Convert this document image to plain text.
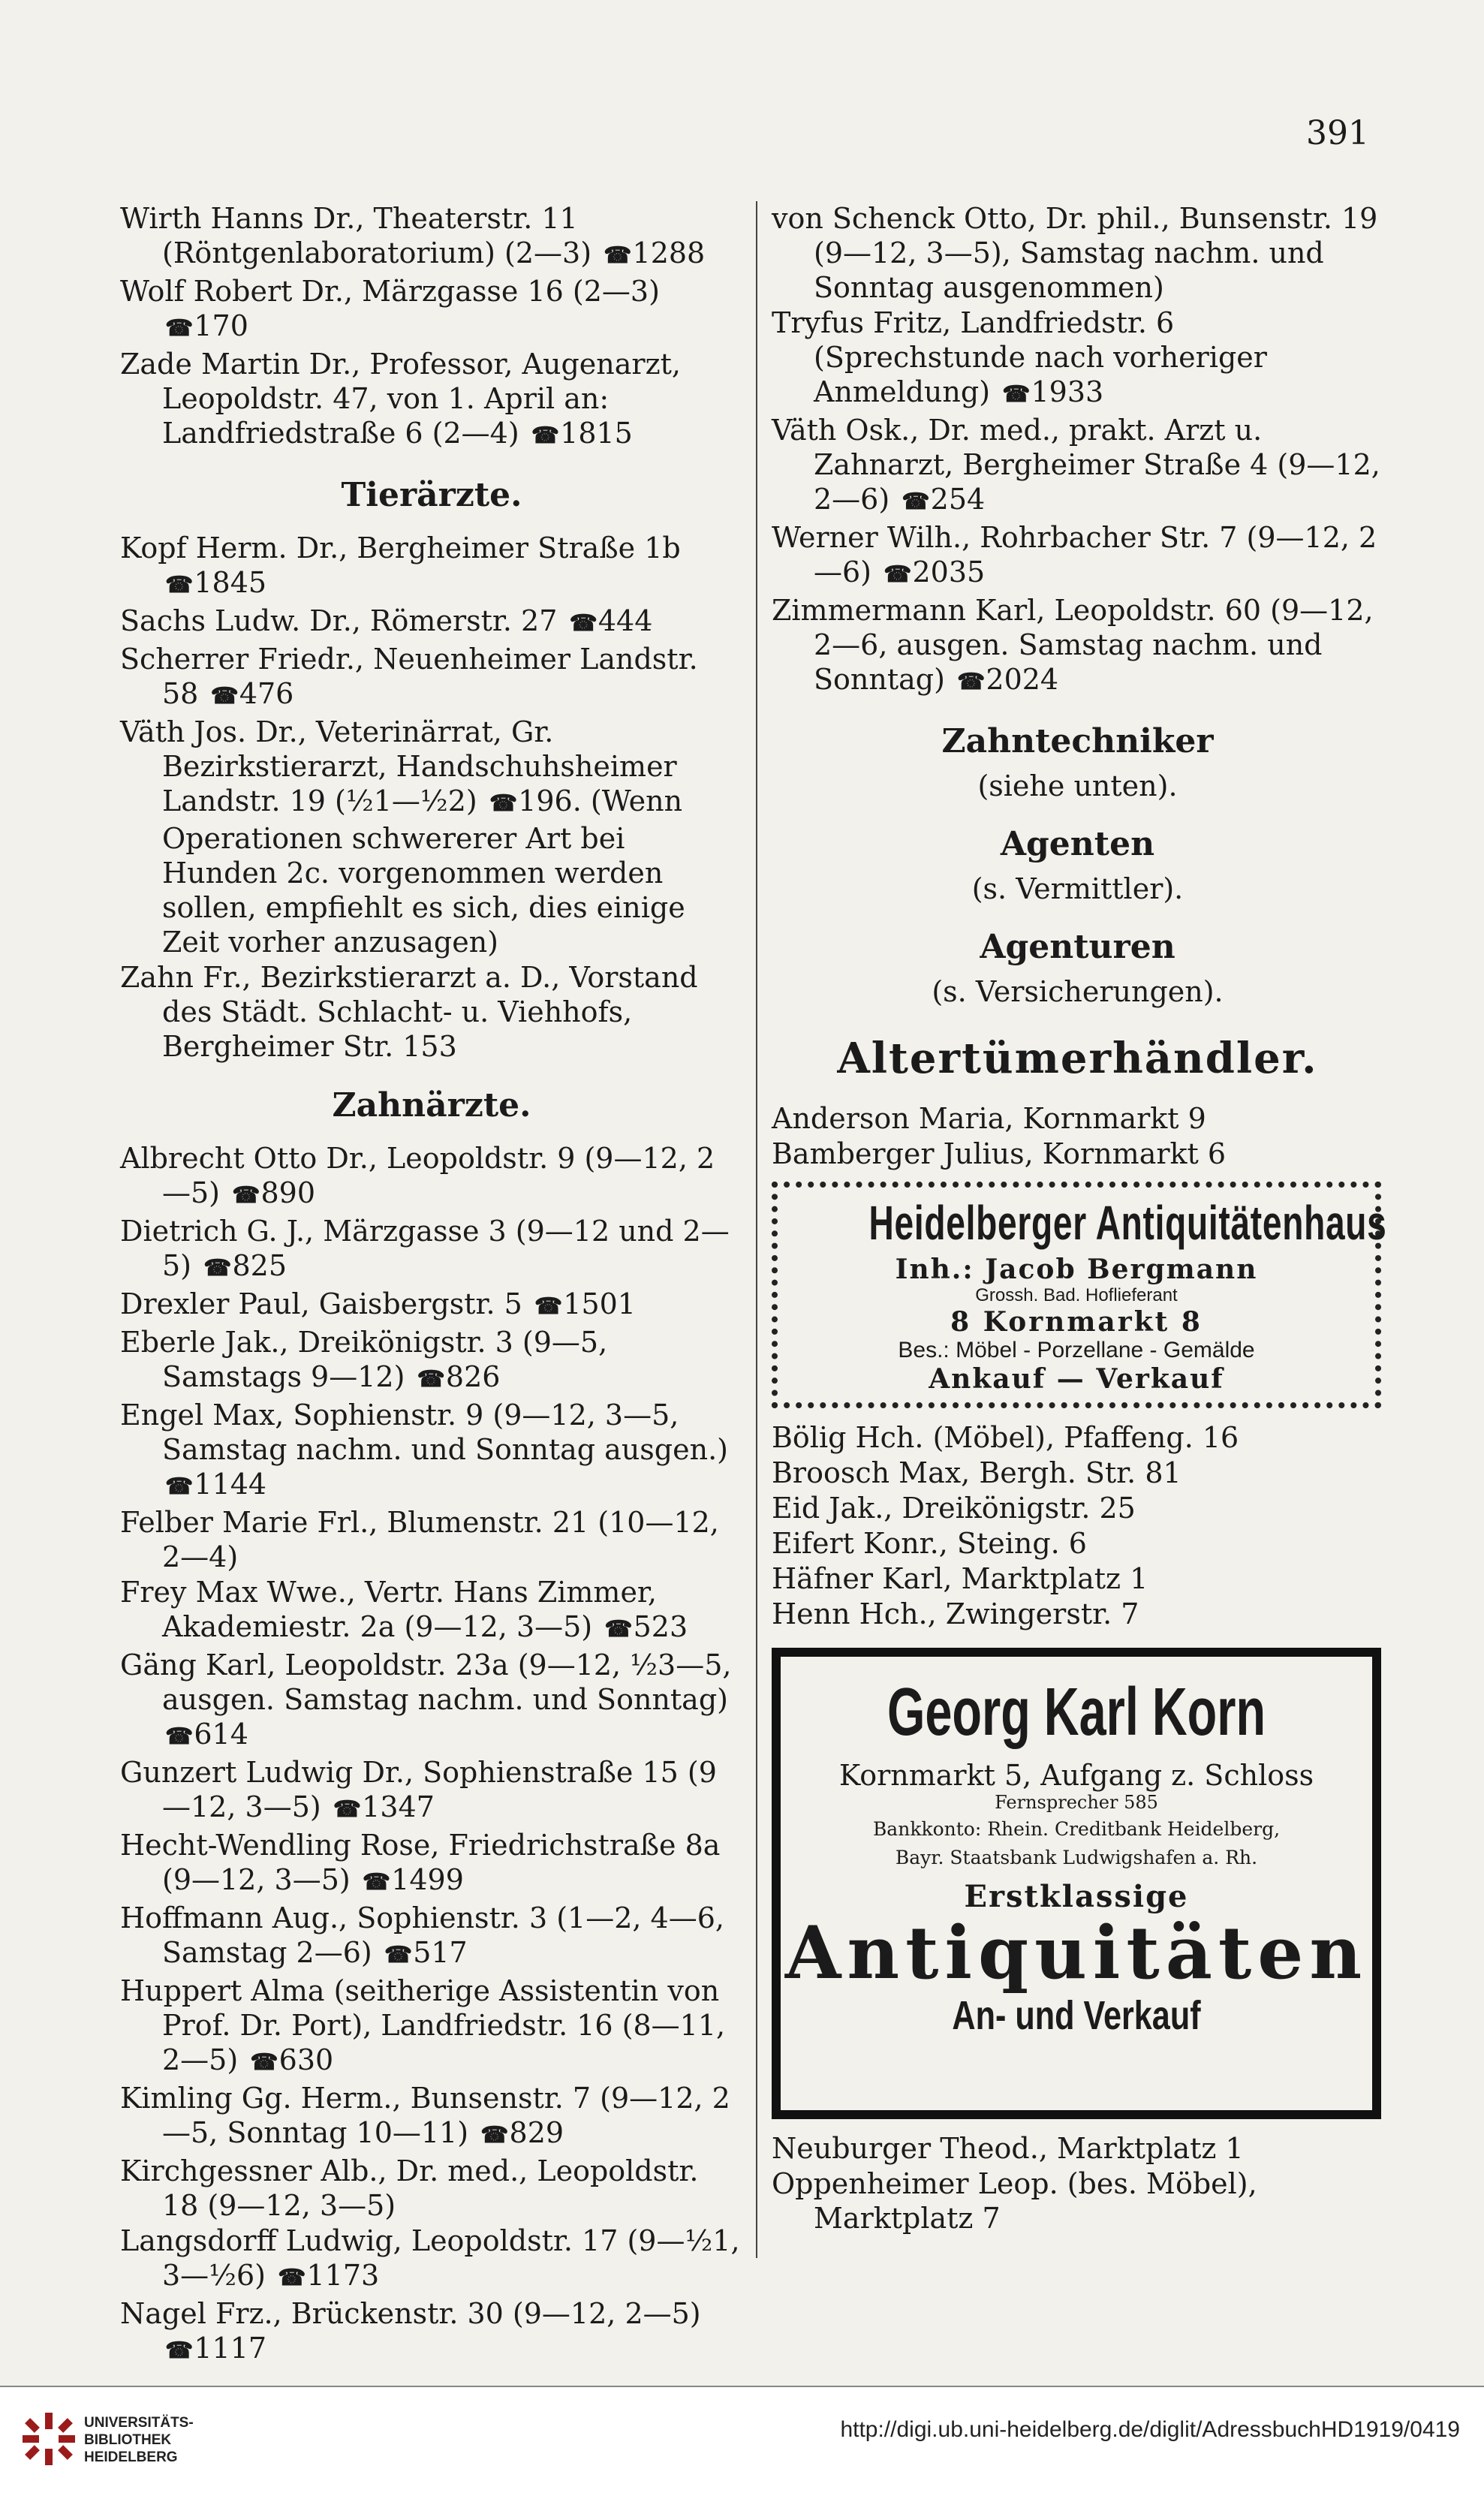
391
Wirth Hanns Dr., Theaterstr. 11 (Röntgenlaboratorium) (2—3) ☎ 1288
Wolf Robert Dr., Märzgasse 16 (2—3) ☎ 170
Zade Martin Dr., Professor, Augenarzt, Leopoldstr. 47, von 1. April an: Landfriedstraße 6 (2—4) ☎ 1815
Tierärzte.
Kopf Herm. Dr., Bergheimer Straße 1b ☎ 1845
Sachs Ludw. Dr., Römerstr. 27 ☎ 444
Scherrer Friedr., Neuenheimer Landstr. 58 ☎ 476
Väth Jos. Dr., Veterinärrat, Gr. Bezirkstierarzt, Handschuhsheimer Landstr. 19 (½1—½2) ☎ 196. (Wenn Operationen schwererer Art bei Hunden 2c. vorgenommen werden sollen, empfiehlt es sich, dies einige Zeit vorher anzusagen)
Zahn Fr., Bezirkstierarzt a. D., Vorstand des Städt. Schlacht- u. Viehhofs, Bergheimer Str. 153
Zahnärzte.
Albrecht Otto Dr., Leopoldstr. 9 (9—12, 2—5) ☎ 890
Dietrich G. J., Märzgasse 3 (9—12 und 2—5) ☎ 825
Drexler Paul, Gaisbergstr. 5 ☎ 1501
Eberle Jak., Dreikönigstr. 3 (9—5, Samstags 9—12) ☎ 826
Engel Max, Sophienstr. 9 (9—12, 3—5, Samstag nachm. und Sonntag ausgen.) ☎ 1144
Felber Marie Frl., Blumenstr. 21 (10—12, 2—4)
Frey Max Wwe., Vertr. Hans Zimmer, Akademiestr. 2a (9—12, 3—5) ☎ 523
Gäng Karl, Leopoldstr. 23a (9—12, ½3—5, ausgen. Samstag nachm. und Sonntag) ☎ 614
Gunzert Ludwig Dr., Sophienstraße 15 (9—12, 3—5) ☎ 1347
Hecht-Wendling Rose, Friedrichstraße 8a (9—12, 3—5) ☎ 1499
Hoffmann Aug., Sophienstr. 3 (1—2, 4—6, Samstag 2—6) ☎ 517
Huppert Alma (seitherige Assistentin von Prof. Dr. Port), Landfriedstr. 16 (8—11, 2—5) ☎ 630
Kimling Gg. Herm., Bunsenstr. 7 (9—12, 2—5, Sonntag 10—11) ☎ 829
Kirchgessner Alb., Dr. med., Leopoldstr. 18 (9—12, 3—5)
Langsdorff Ludwig, Leopoldstr. 17 (9—½1, 3—½6) ☎ 1173
Nagel Frz., Brückenstr. 30 (9—12, 2—5) ☎ 1117
von Schenck Otto, Dr. phil., Bunsenstr. 19 (9—12, 3—5), Samstag nachm. und Sonntag ausgenommen)
Tryfus Fritz, Landfriedstr. 6 (Sprechstunde nach vorheriger Anmeldung) ☎ 1933
Väth Osk., Dr. med., prakt. Arzt u. Zahnarzt, Bergheimer Straße 4 (9—12, 2—6) ☎ 254
Werner Wilh., Rohrbacher Str. 7 (9—12, 2—6) ☎ 2035
Zimmermann Karl, Leopoldstr. 60 (9—12, 2—6, ausgen. Samstag nachm. und Sonntag) ☎ 2024
Zahntechniker
(siehe unten).
Agenten
(s. Vermittler).
Agenturen
(s. Versicherungen).
Altertümerhändler.
Anderson Maria, Kornmarkt 9
Bamberger Julius, Kornmarkt 6
Heidelberger Antiquitätenhaus
Inh.: Jacob Bergmann
Grossh. Bad. Hoflieferant
8 Kornmarkt 8
Bes.: Möbel - Porzellane - Gemälde
Ankauf — Verkauf
Bölig Hch. (Möbel), Pfaffeng. 16
Broosch Max, Bergh. Str. 81
Eid Jak., Dreikönigstr. 25
Eifert Konr., Steing. 6
Häfner Karl, Marktplatz 1
Henn Hch., Zwingerstr. 7
Georg Karl Korn
Kornmarkt 5, Aufgang z. Schloss
Fernsprecher 585
Bankkonto: Rhein. Creditbank Heidelberg,
Bayr. Staatsbank Ludwigshafen a. Rh.
Erstklassige
Antiquitäten
An- und Verkauf
Neuburger Theod., Marktplatz 1
Oppenheimer Leop. (bes. Möbel), Marktplatz 7
UNIVERSITÄTS-
BIBLIOTHEK
HEIDELBERG
http://digi.ub.uni-heidelberg.de/diglit/AdressbuchHD1919/0419
